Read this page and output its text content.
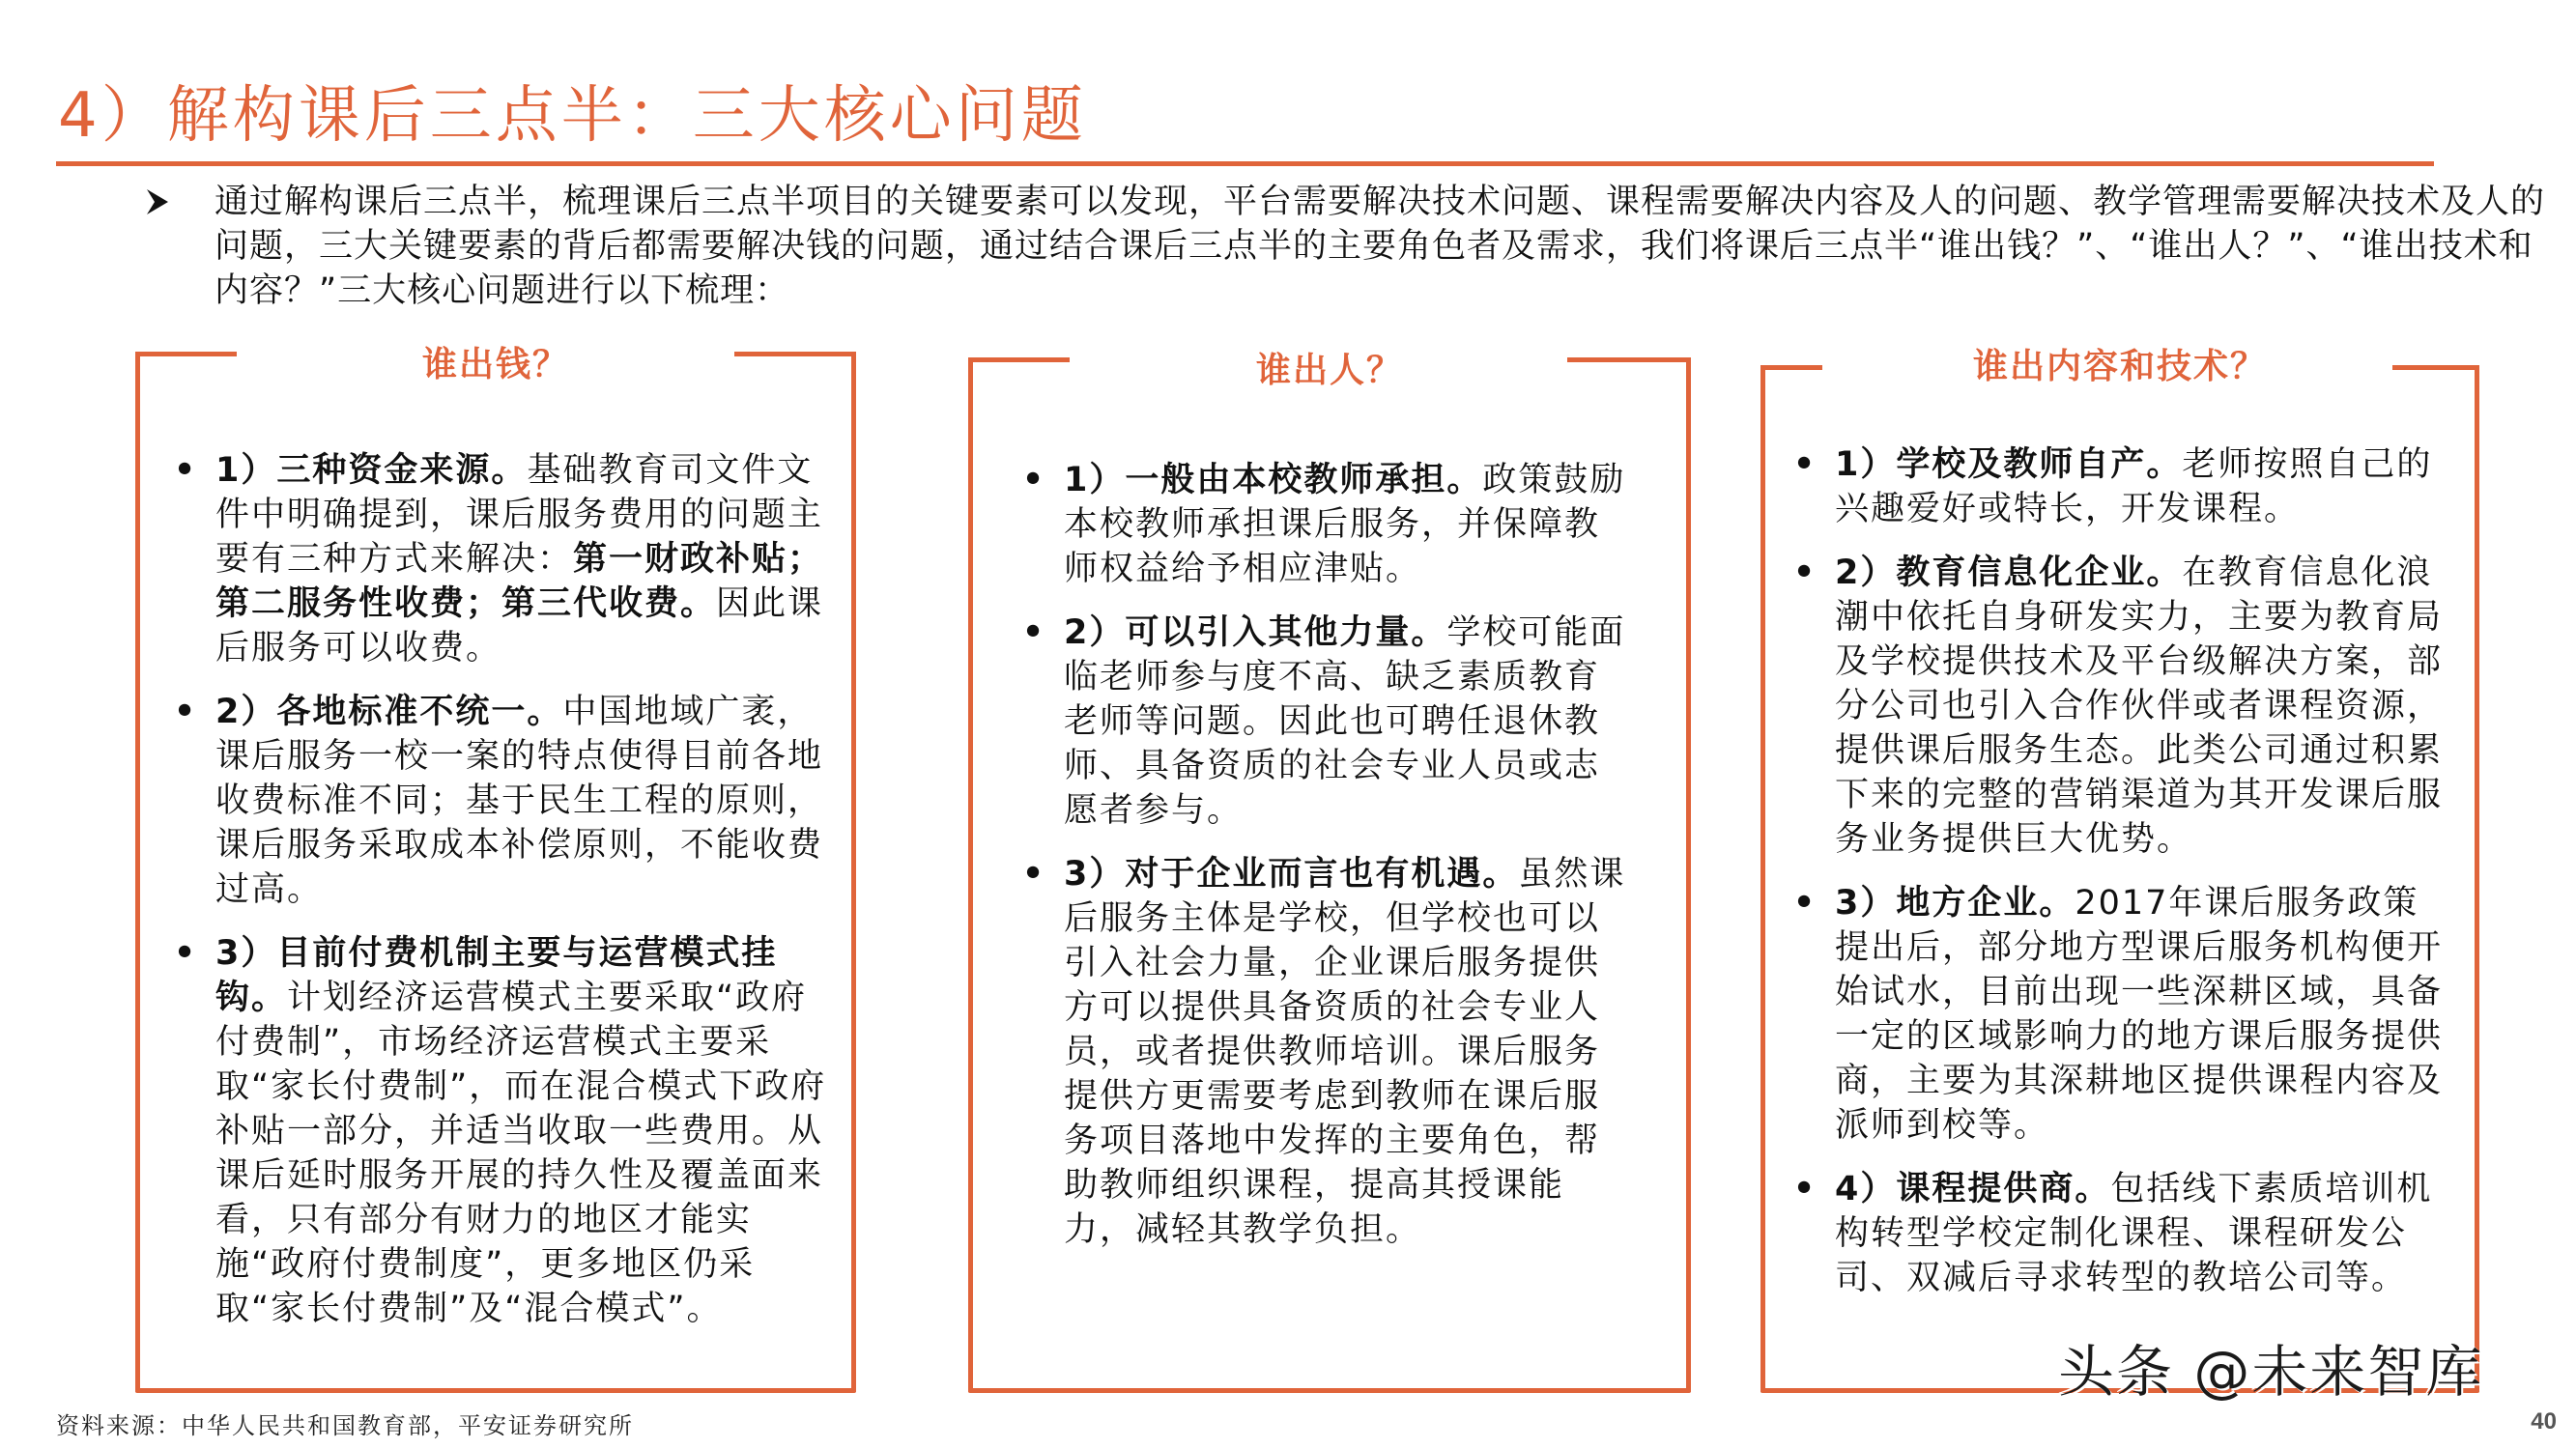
4）解构课后三点半：三大核心问题
通过解构课后三点半，梳理课后三点半项目的关键要素可以发现，平台需要解决技术问题、课程需要解决内容及人的问题、教学管理需要解决技术及人的问题，三大关键要素的背后都需要解决钱的问题，通过结合课后三点半的主要角色者及需求，我们将课后三点半“谁出钱？”、“谁出人？”、“谁出技术和内容？”三大核心问题进行以下梳理：
谁出钱？
• 1）三种资金来源。基础教育司文件文件中明确提到，课后服务费用的问题主要有三种方式来解决：第一财政补贴；第二服务性收费；第三代收费。因此课后服务可以收费。
• 2）各地标准不统一。中国地域广袤，课后服务一校一案的特点使得目前各地收费标准不同；基于民生工程的原则，课后服务采取成本补偿原则，不能收费过高。
• 3）目前付费机制主要与运营模式挂钩。计划经济运营模式主要采取“政府付费制”，市场经济运营模式主要采取“家长付费制”，而在混合模式下政府补贴一部分，并适当收取一些费用。从课后延时服务开展的持久性及覆盖面来看，只有部分有财力的地区才能实施“政府付费制度”，更多地区仍采取“家长付费制”及“混合模式”。
谁出人？
• 1）一般由本校教师承担。政策鼓励本校教师承担课后服务，并保障教师权益给予相应津贴。
• 2）可以引入其他力量。学校可能面临老师参与度不高、缺乏素质教育老师等问题。因此也可聘任退休教师、具备资质的社会专业人员或志愿者参与。
• 3）对于企业而言也有机遇。虽然课后服务主体是学校，但学校也可以引入社会力量，企业课后服务提供方可以提供具备资质的社会专业人员，或者提供教师培训。课后服务提供方更需要考虑到教师在课后服务项目落地中发挥的主要角色，帮助教师组织课程，提高其授课能力，减轻其教学负担。
谁出内容和技术？
• 1）学校及教师自产。老师按照自己的兴趣爱好或特长，开发课程。
• 2）教育信息化企业。在教育信息化浪潮中依托自身研发实力，主要为教育局及学校提供技术及平台级解决方案，部分公司也引入合作伙伴或者课程资源，提供课后服务生态。此类公司通过积累下来的完整的营销渠道为其开发课后服务业务提供巨大优势。
• 3）地方企业。2017年课后服务政策提出后，部分地方型课后服务机构便开始试水，目前出现一些深耕区域，具备一定的区域影响力的地方课后服务提供商，主要为其深耕地区提供课程内容及派师到校等。
• 4）课程提供商。包括线下素质培训机构转型学校定制化课程、课程研发公司、双减后寻求转型的教培公司等。
资料来源：中华人民共和国教育部，平安证券研究所
头条 @未来智库
40
